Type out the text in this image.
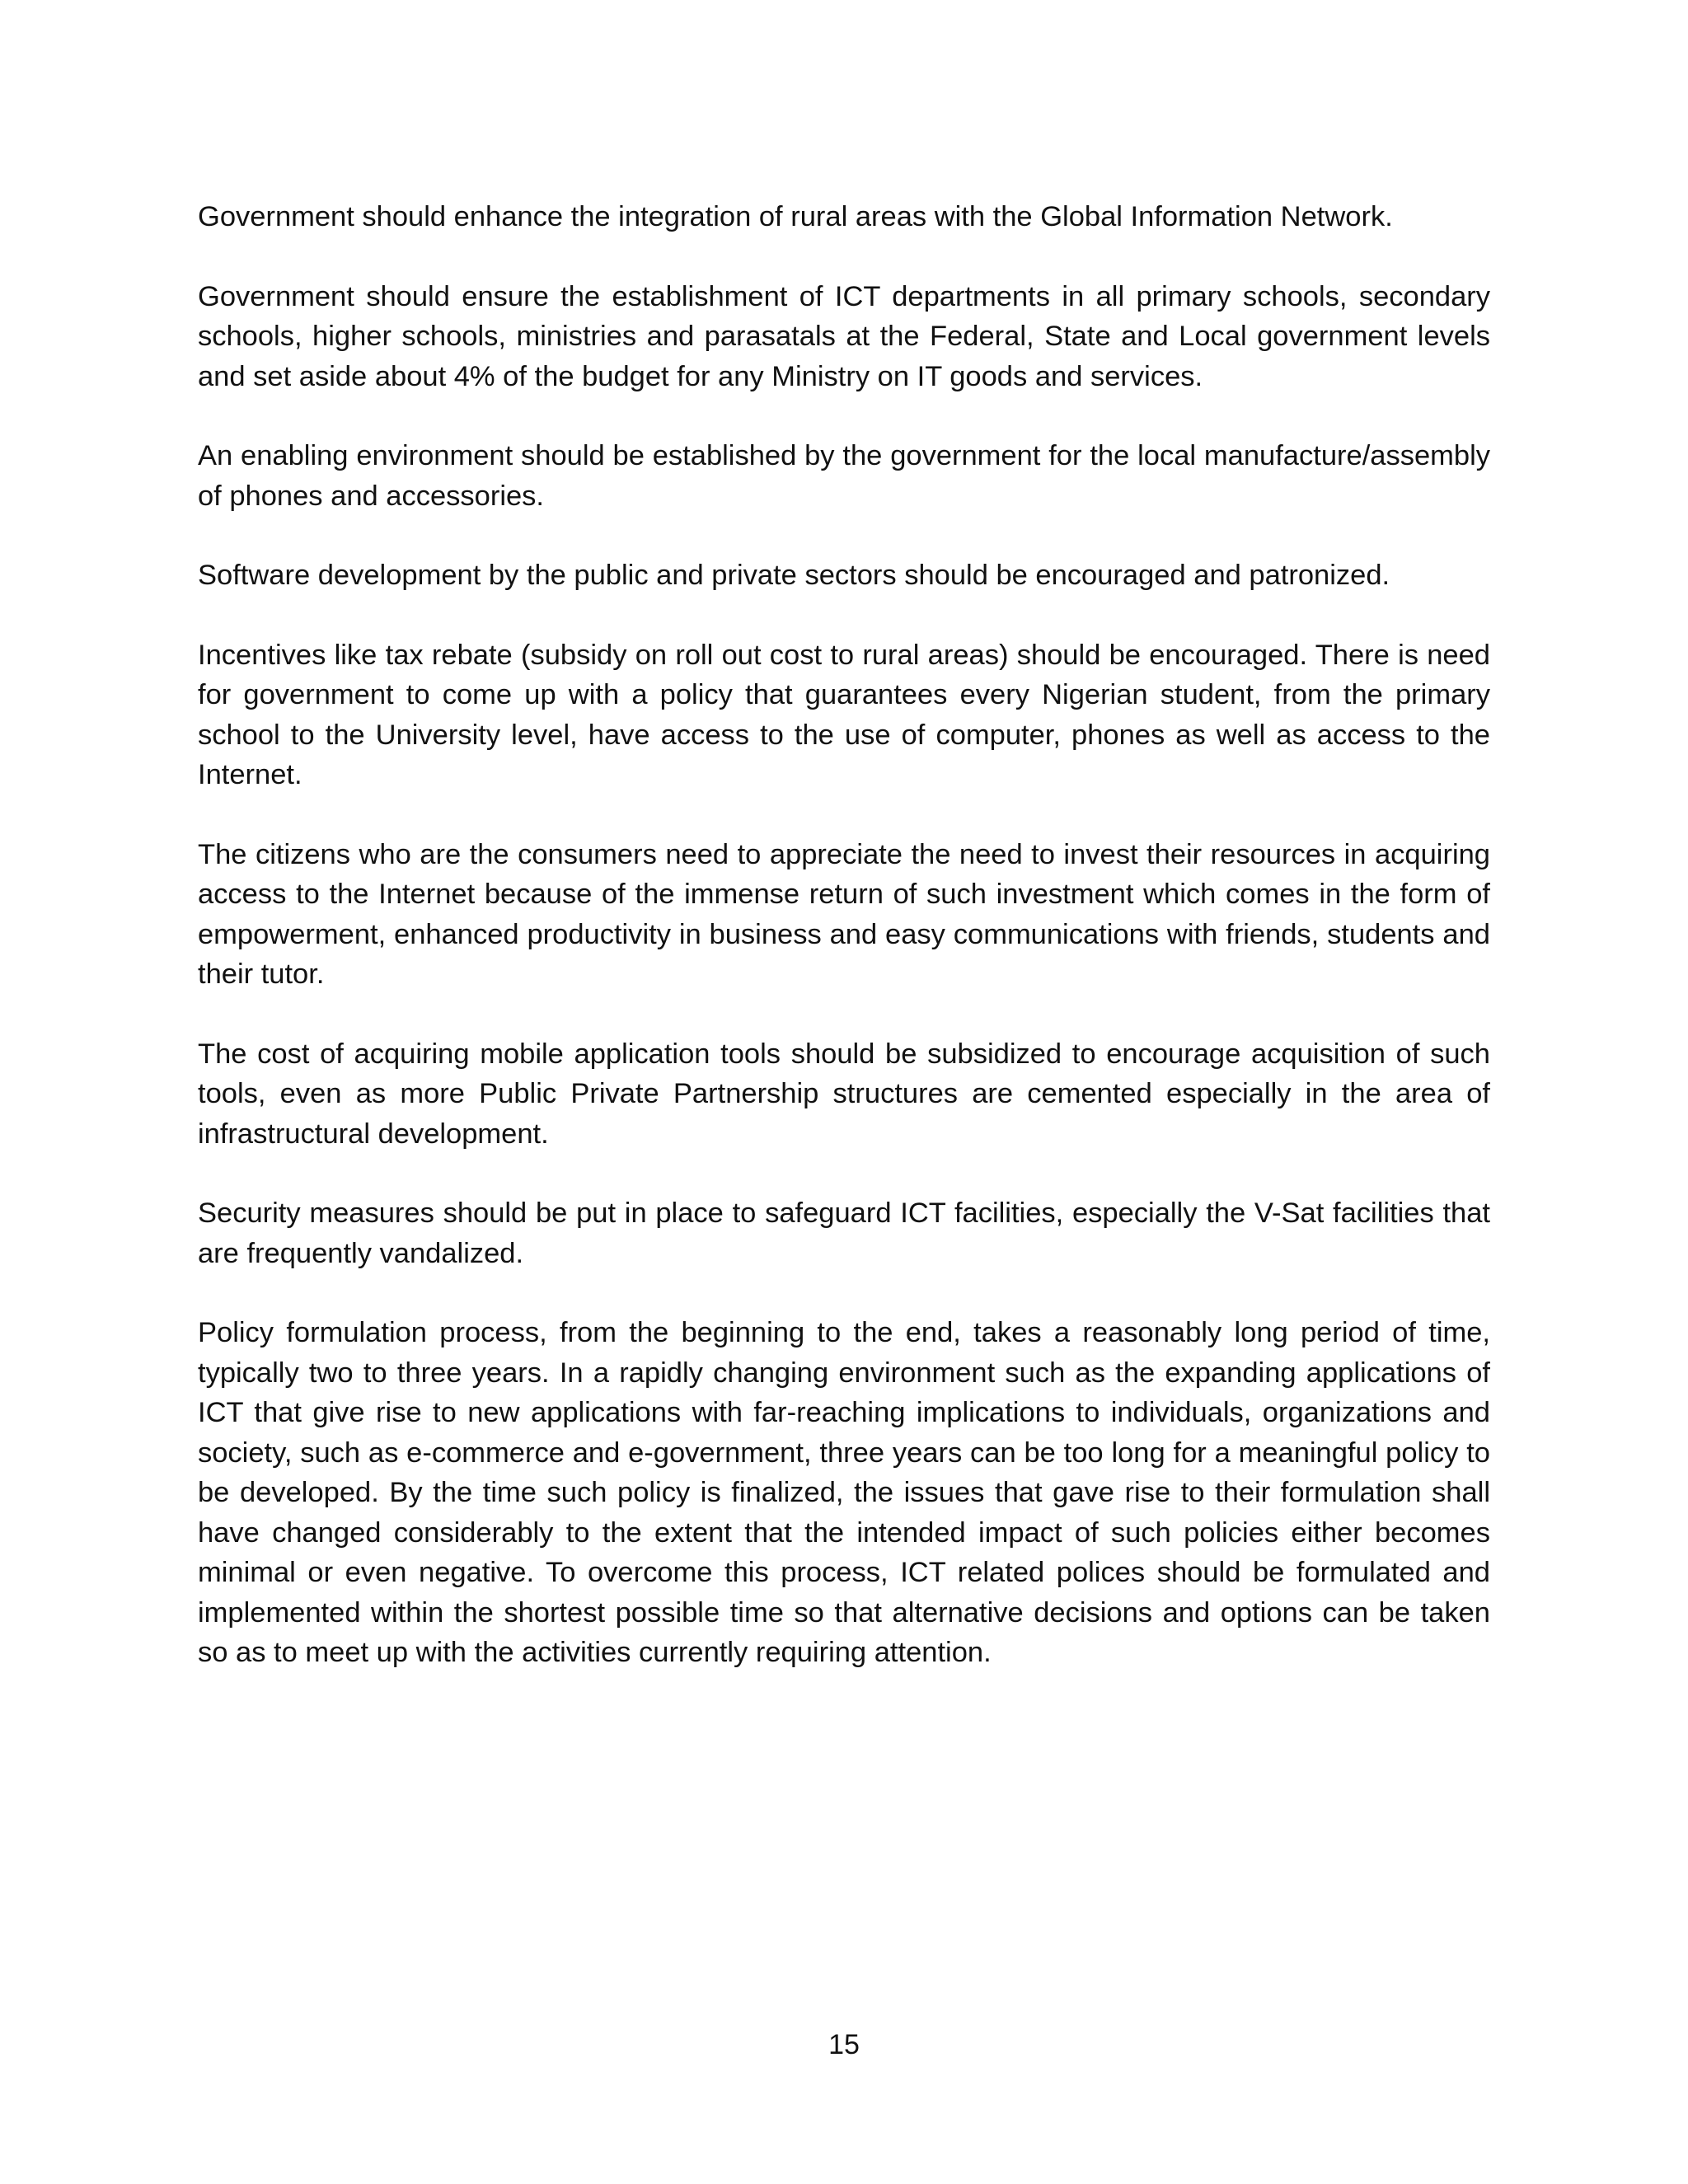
Government should enhance the integration of rural areas with the Global Information Network.

Government should ensure the establishment of ICT departments in all primary schools, secondary schools, higher schools, ministries and parasatals at the Federal, State and Local government levels and set aside about 4% of the budget for any Ministry on IT goods and services.

An enabling environment should be established by the government for the local manufacture/assembly of phones and accessories.

Software development by the public and private sectors should be encouraged and patronized.

Incentives like tax rebate (subsidy on roll out cost to rural areas) should be encouraged. There is need for government to come up with a policy that guarantees every Nigerian student, from the primary school to the University level, have access to the use of computer, phones as well as access to the Internet.

The citizens who are the consumers need to appreciate the need to invest their resources in acquiring access to the Internet because of the immense return of such investment which comes in the form of empowerment, enhanced productivity in business and easy communications with friends, students and their tutor.

The cost of acquiring mobile application tools should be subsidized to encourage acquisition of such tools, even as more Public Private Partnership structures are cemented especially in the area of infrastructural development.

Security measures should be put in place to safeguard ICT facilities, especially the V-Sat facilities that are frequently vandalized.

Policy formulation process, from the beginning to the end, takes a reasonably long period of time, typically two to three years. In a rapidly changing environment such as the expanding applications of ICT that give rise to new applications with far-reaching implications to individuals, organizations and society, such as e-commerce and e-government, three years can be too long for a meaningful policy to be developed. By the time such policy is finalized, the issues that gave rise to their formulation shall have changed considerably to the extent that the intended impact of such policies either becomes minimal or even negative. To overcome this process, ICT related polices should be formulated and implemented within the shortest possible time so that alternative decisions and options can be taken so as to meet up with the activities currently requiring attention.

15
